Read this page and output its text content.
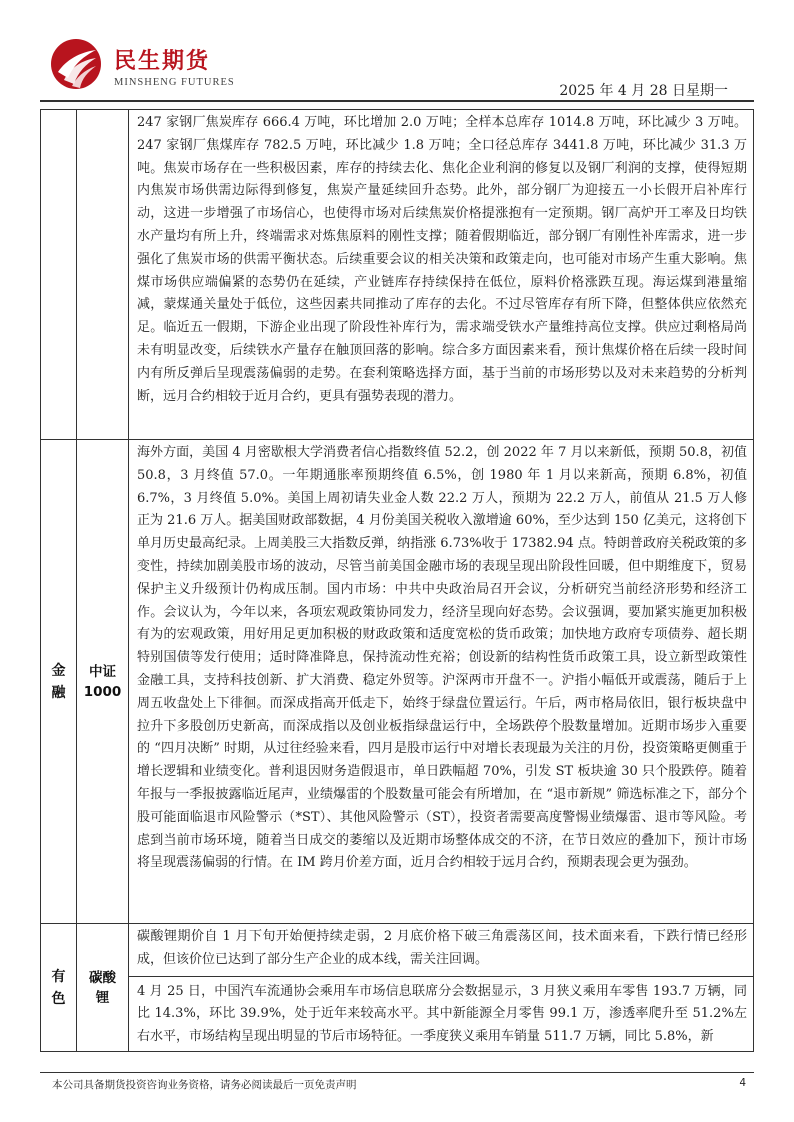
民生期货
MINSHENG FUTURES
2025 年 4 月 28 日星期一

		247 家钢厂焦炭库存 666.4 万吨，环比增加 2.0 万吨；全样本总库存 1014.8 万吨，环比减少 3 万吨。247 家钢厂焦煤库存 782.5 万吨，环比减少 1.8 万吨；全口径总库存 3441.8 万吨，环比减少 31.3 万吨。焦炭市场存在一些积极因素，库存的持续去化、焦化企业利润的修复以及钢厂利润的支撑，使得短期内焦炭市场供需边际得到修复，焦炭产量延续回升态势。此外，部分钢厂为迎接五一小长假开启补库行动，这进一步增强了市场信心，也使得市场对后续焦炭价格提涨抱有一定预期。钢厂高炉开工率及日均铁水产量均有所上升，终端需求对炼焦原料的刚性支撑；随着假期临近，部分钢厂有刚性补库需求，进一步强化了焦炭市场的供需平衡状态。后续重要会议的相关决策和政策走向，也可能对市场产生重大影响。焦煤市场供应端偏紧的态势仍在延续，产业链库存持续保持在低位，原料价格涨跌互现。海运煤到港量缩减，蒙煤通关量处于低位，这些因素共同推动了库存的去化。不过尽管库存有所下降，但整体供应依然充足。临近五一假期，下游企业出现了阶段性补库行为，需求端受铁水产量维持高位支撑。供应过剩格局尚未有明显改变，后续铁水产量存在触顶回落的影响。综合多方面因素来看，预计焦煤价格在后续一段时间内有所反弹后呈现震荡偏弱的走势。在套利策略选择方面，基于当前的市场形势以及对未来趋势的分析判断，远月合约相较于近月合约，更具有强势表现的潜力。

金融	中证 1000	海外方面，美国 4 月密歇根大学消费者信心指数终值 52.2，创 2022 年 7 月以来新低，预期 50.8，初值 50.8，3 月终值 57.0。一年期通胀率预期终值 6.5%，创 1980 年 1 月以来新高，预期 6.8%，初值 6.7%，3 月终值 5.0%。美国上周初请失业金人数 22.2 万人，预期为 22.2 万人，前值从 21.5 万人修正为 21.6 万人。据美国财政部数据，4 月份美国关税收入激增逾 60%，至少达到 150 亿美元，这将创下单月历史最高纪录。上周美股三大指数反弹，纳指涨 6.73%收于 17382.94 点。特朗普政府关税政策的多变性，持续加剧美股市场的波动，尽管当前美国金融市场的表现呈现出阶段性回暖，但中期维度下，贸易保护主义升级预计仍构成压制。国内市场：中共中央政治局召开会议，分析研究当前经济形势和经济工作。会议认为，今年以来，各项宏观政策协同发力，经济呈现向好态势。会议强调，要加紧实施更加积极有为的宏观政策，用好用足更加积极的财政政策和适度宽松的货币政策；加快地方政府专项债券、超长期特别国债等发行使用；适时降准降息，保持流动性充裕；创设新的结构性货币政策工具，设立新型政策性金融工具，支持科技创新、扩大消费、稳定外贸等。沪深两市开盘不一。沪指小幅低开或震荡，随后于上周五收盘处上下徘徊。而深成指高开低走下，始终于绿盘位置运行。午后，两市格局依旧，银行板块盘中拉升下多股创历史新高，而深成指以及创业板指绿盘运行中，全场跌停个股数量增加。近期市场步入重要的 “四月决断” 时期，从过往经验来看，四月是股市运行中对增长表现最为关注的月份，投资策略更侧重于增长逻辑和业绩变化。普利退因财务造假退市，单日跌幅超 70%，引发 ST 板块逾 30 只个股跌停。随着年报与一季报披露临近尾声，业绩爆雷的个股数量可能会有所增加，在 “退市新规” 筛选标准之下，部分个股可能面临退市风险警示（*ST）、其他风险警示（ST），投资者需要高度警惕业绩爆雷、退市等风险。考虑到当前市场环境，随着当日成交的萎缩以及近期市场整体成交的不济，在节日效应的叠加下，预计市场将呈现震荡偏弱的行情。在 IM 跨月价差方面，近月合约相较于远月合约，预期表现会更为强劲。

有色	碳酸锂	碳酸锂期价自 1 月下旬开始便持续走弱，2 月底价格下破三角震荡区间，技术面来看，下跌行情已经形成，但该价位已达到了部分生产企业的成本线，需关注回调。

4 月 25 日，中国汽车流通协会乘用车市场信息联席分会数据显示，3 月狭义乘用车零售 193.7 万辆，同比 14.3%，环比 39.9%，处于近年来较高水平。其中新能源全月零售 99.1 万，渗透率爬升至 51.2%左右水平，市场结构呈现出明显的节后市场特征。一季度狭义乘用车销量 511.7 万辆，同比 5.8%，新

本公司具备期货投资咨询业务资格，请务必阅读最后一页免责声明	4
